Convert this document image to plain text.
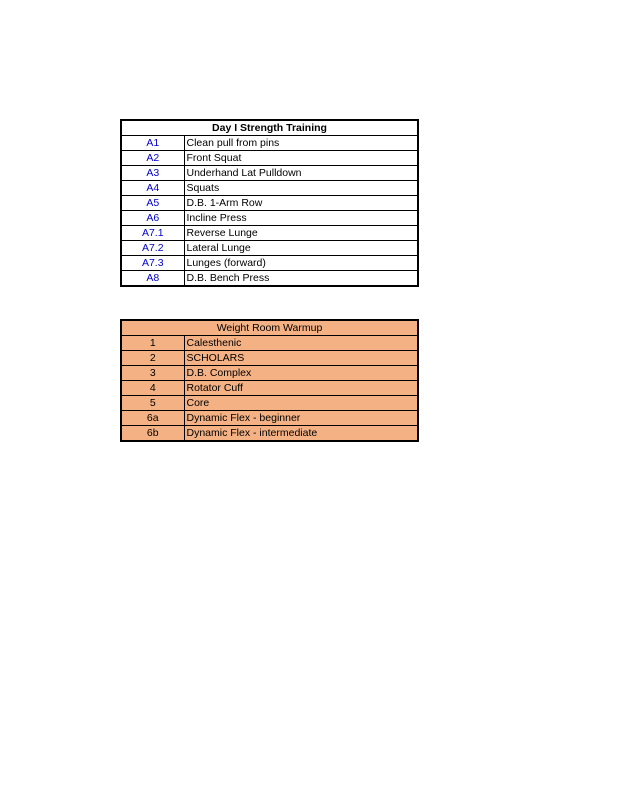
Day I Strength Training	
A1	Clean pull from pins
A2	Front Squat
A3	Underhand Lat Pulldown
A4	Squats
A5	D.B. 1-Arm Row
A6	Incline Press
A7.1	Reverse Lunge
A7.2	Lateral Lunge
A7.3	Lunges (forward)
A8	D.B. Bench Press
Weight Room Warmup	
1	Calesthenic
2	SCHOLARS
3	D.B. Complex
4	Rotator Cuff
5	Core
6a	Dynamic Flex - beginner
6b	Dynamic Flex - intermediate
